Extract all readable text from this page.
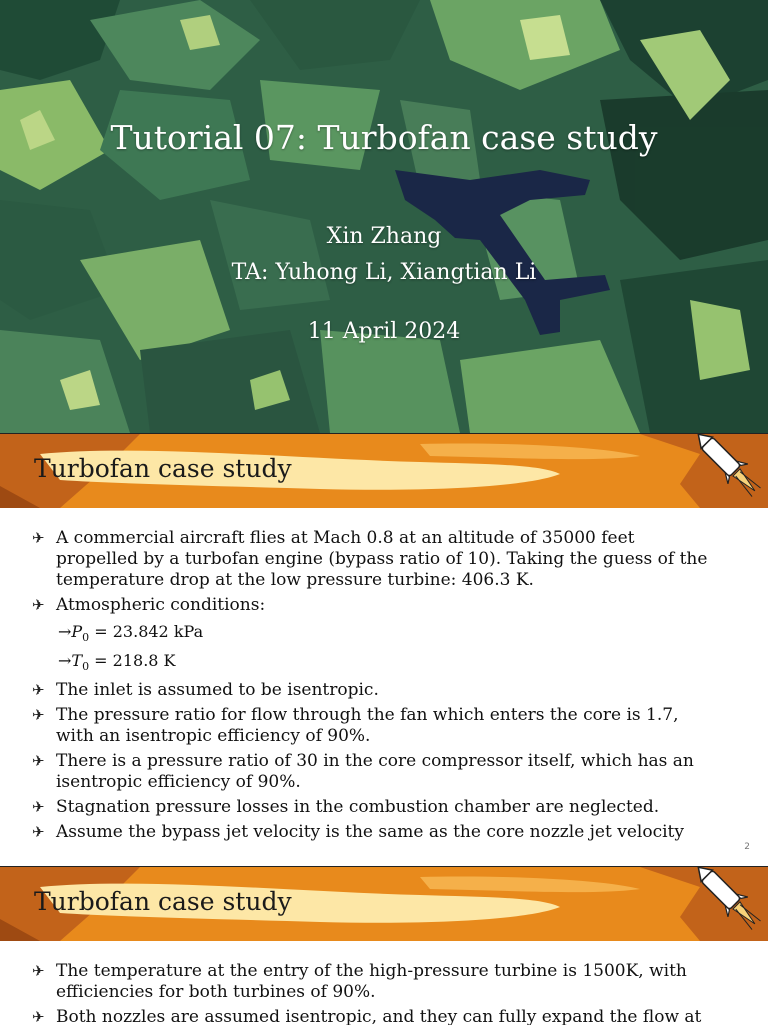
Tutorial 07: Turbofan case study
Xin Zhang
TA: Yuhong Li, Xiangtian Li
11 April 2024
Turbofan case study
✈ A commercial aircraft flies at Mach 0.8 at an altitude of 35000 feet propelled by a turbofan engine (bypass ratio of 10). Taking the guess of the temperature drop at the low pressure turbine: 406.3 K.
✈ Atmospheric conditions:
$\to P_0 = 23.842$ kPa
$\to T_0 = 218.8$ K
✈ The inlet is assumed to be isentropic.
✈ The pressure ratio for flow through the fan which enters the core is 1.7, with an isentropic efficiency of 90%.
✈ There is a pressure ratio of 30 in the core compressor itself, which has an isentropic efficiency of 90%.
✈ Stagnation pressure losses in the combustion chamber are neglected.
✈ Assume the bypass jet velocity is the same as the core nozzle jet velocity
2
Turbofan case study
✈ The temperature at the entry of the high-pressure turbine is 1500K, with efficiencies for both turbines of 90%.
✈ Both nozzles are assumed isentropic, and they can fully expand the flow at
